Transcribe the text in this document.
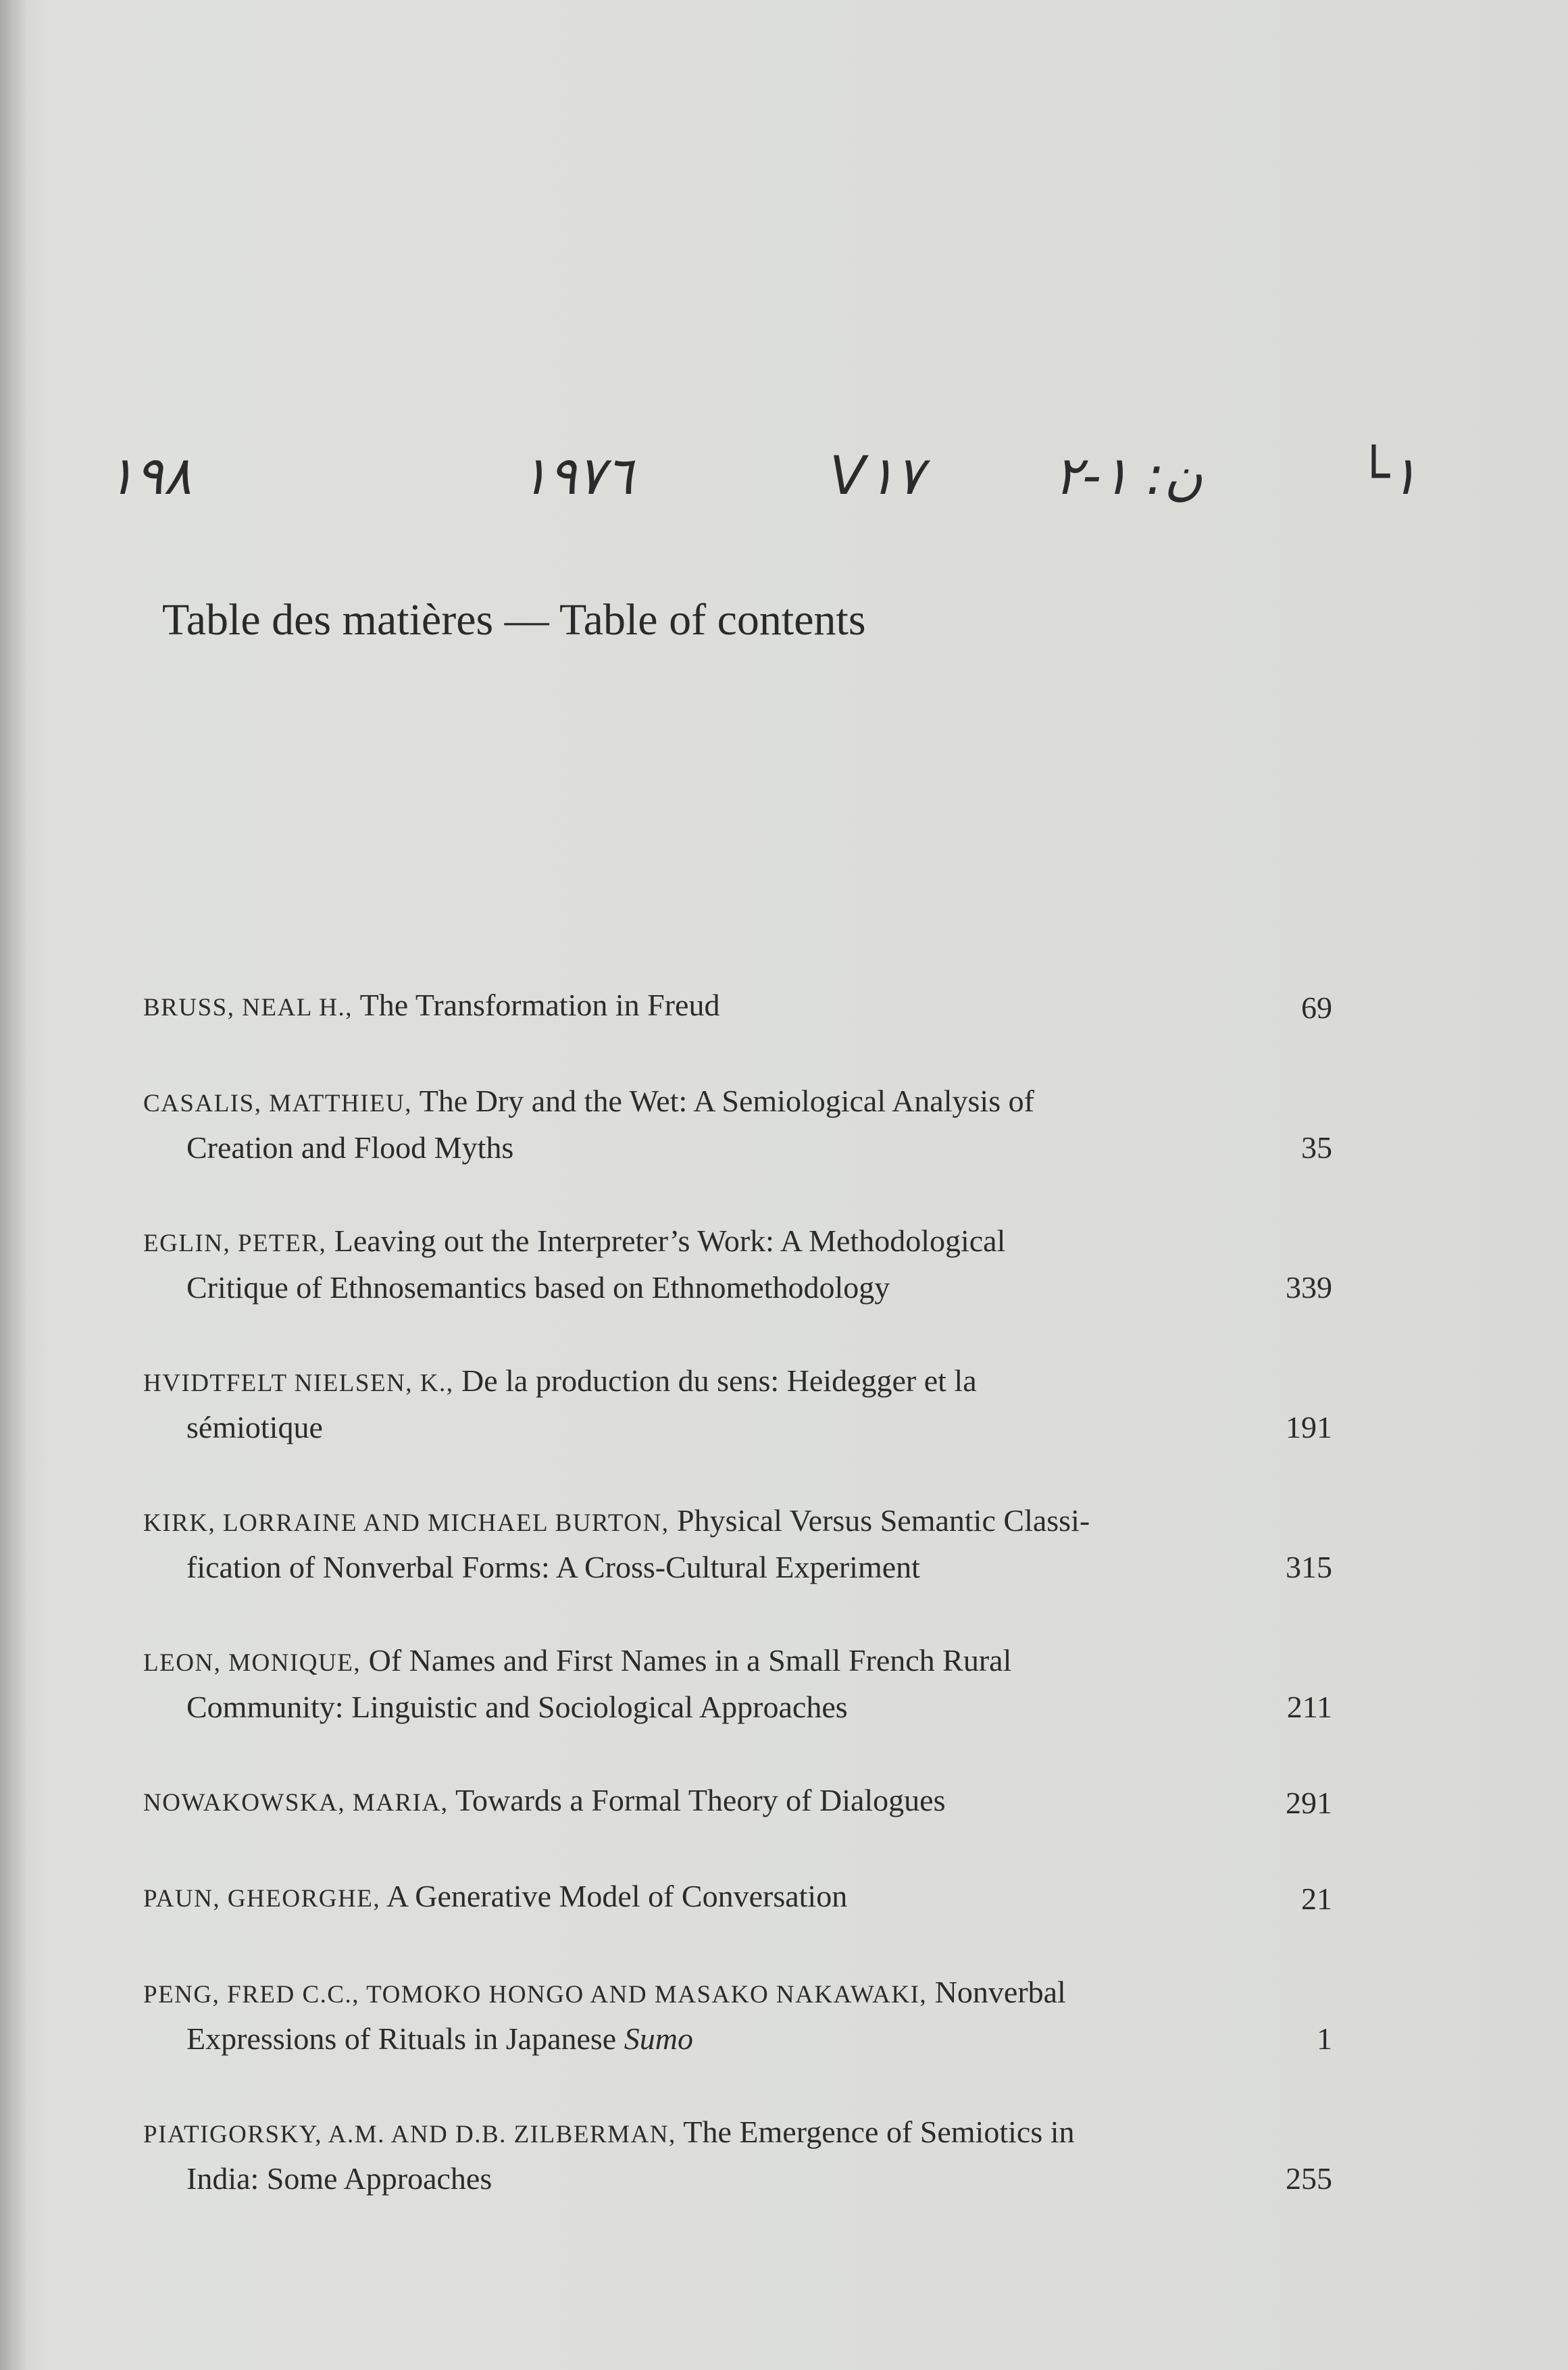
١٩۸	١٩٧٦	V١٧ ن: ١-٢	└١
Table des matières — Table of contents
BRUSS, NEAL H., The Transformation in Freud	69
CASALIS, MATTHIEU, The Dry and the Wet: A Semiological Analysis of
Creation and Flood Myths	35
EGLIN, PETER, Leaving out the Interpreter’s Work: A Methodological
Critique of Ethnosemantics based on Ethnomethodology	339
HVIDTFELT NIELSEN, K., De la production du sens: Heidegger et la
sémiotique	191
KIRK, LORRAINE AND MICHAEL BURTON, Physical Versus Semantic Classi-
fication of Nonverbal Forms: A Cross-Cultural Experiment	315
LEON, MONIQUE, Of Names and First Names in a Small French Rural
Community: Linguistic and Sociological Approaches	211
NOWAKOWSKA, MARIA, Towards a Formal Theory of Dialogues	291
PAUN, GHEORGHE, A Generative Model of Conversation	21
PENG, FRED C.C., TOMOKO HONGO AND MASAKO NAKAWAKI, Nonverbal
Expressions of Rituals in Japanese Sumo	1
PIATIGORSKY, A.M. AND D.B. ZILBERMAN, The Emergence of Semiotics in
India: Some Approaches	255
